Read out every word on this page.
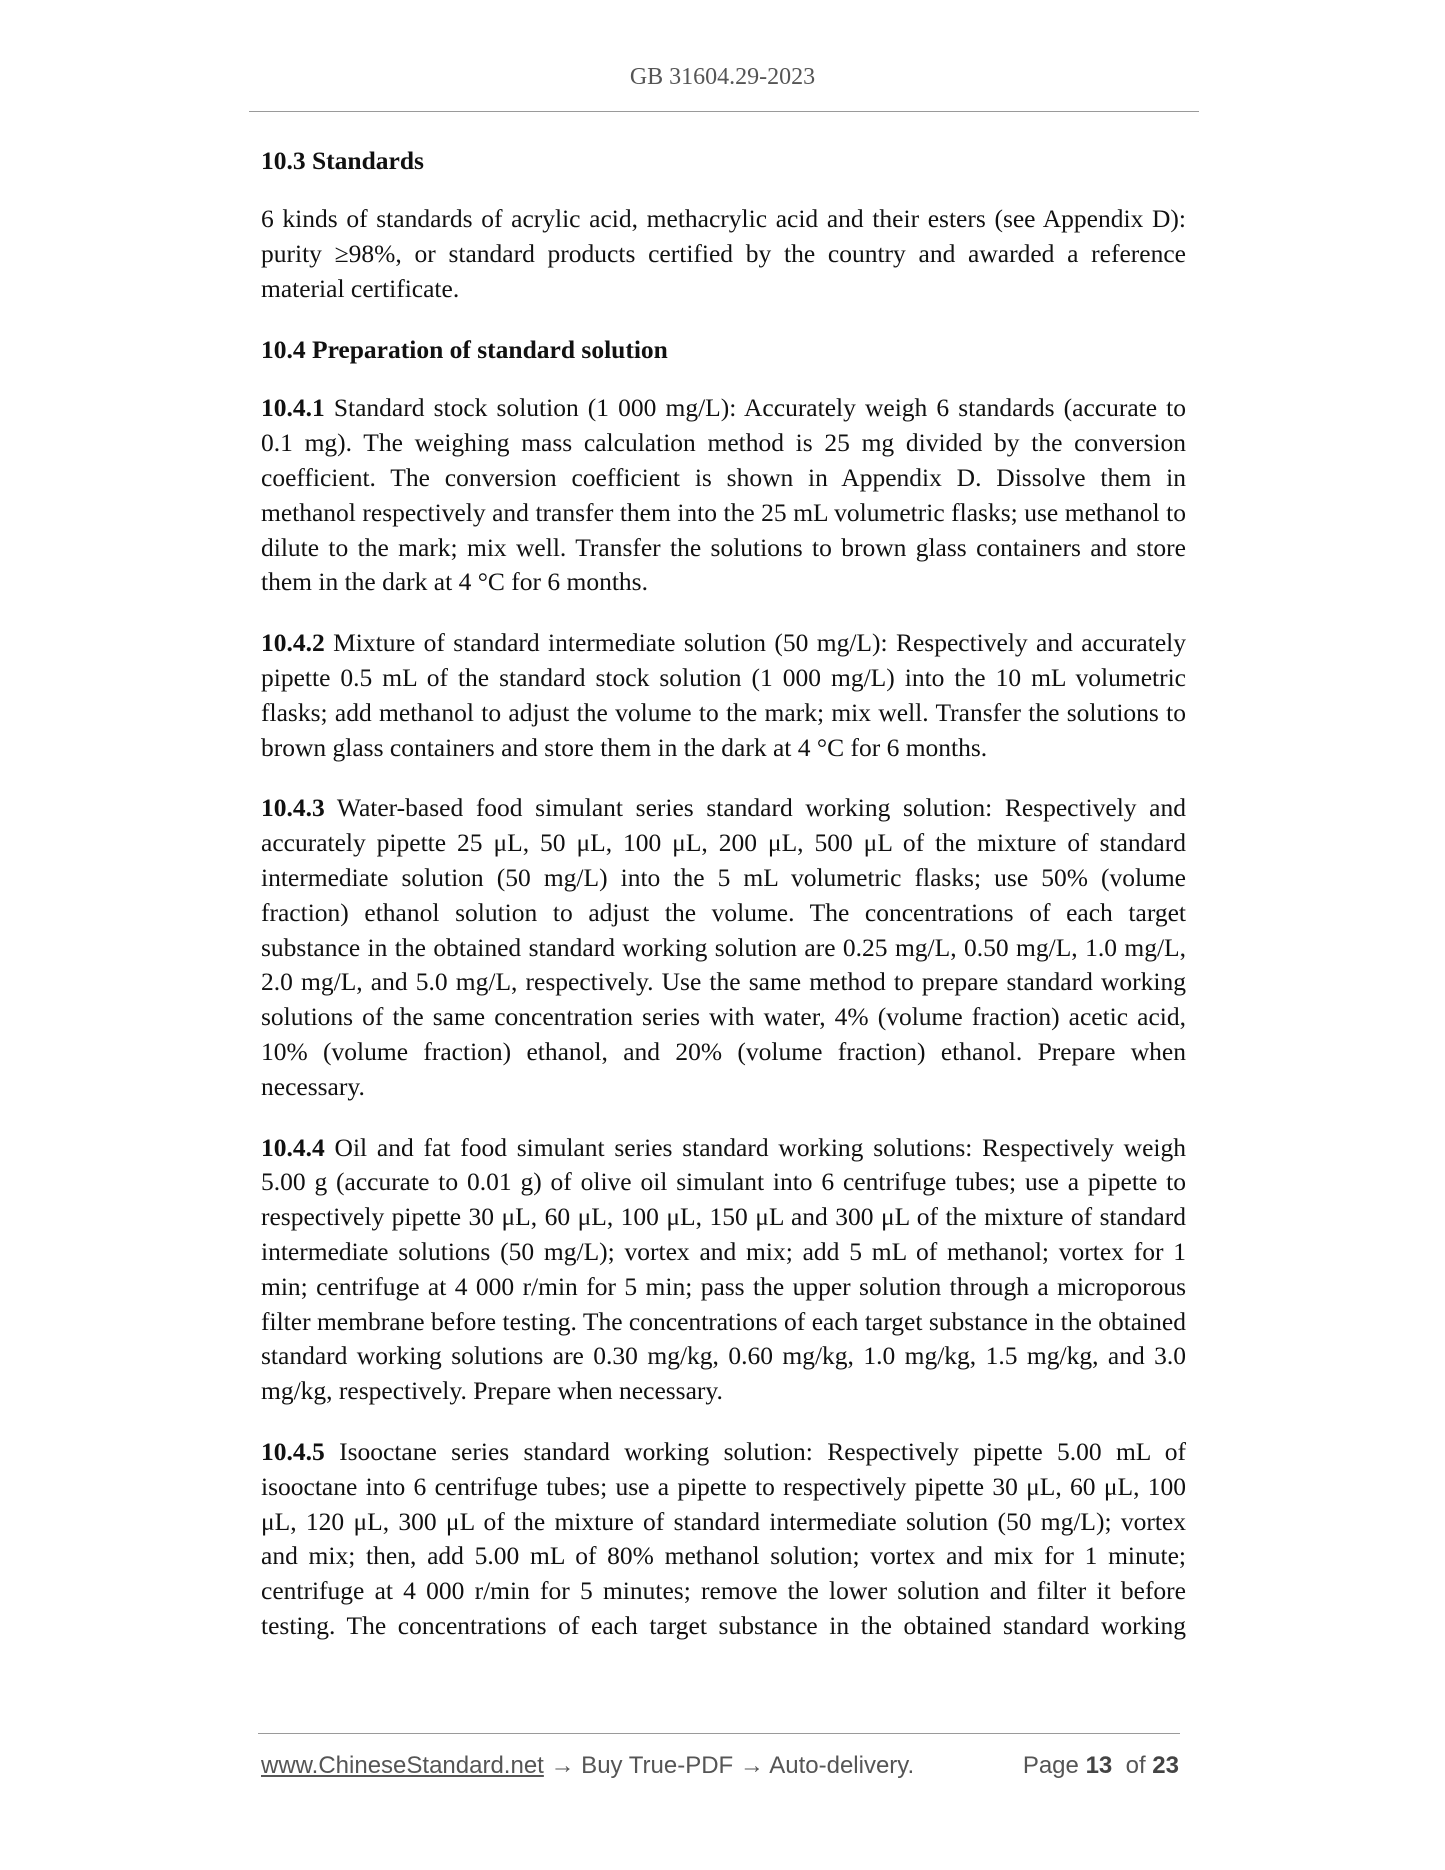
GB 31604.29-2023
10.3 Standards

6 kinds of standards of acrylic acid, methacrylic acid and their esters (see Appendix D): purity ≥98%, or standard products certified by the country and awarded a reference material certificate.

10.4 Preparation of standard solution

10.4.1 Standard stock solution (1 000 mg/L): Accurately weigh 6 standards (accurate to 0.1 mg). The weighing mass calculation method is 25 mg divided by the conversion coefficient. The conversion coefficient is shown in Appendix D. Dissolve them in methanol respectively and transfer them into the 25 mL volumetric flasks; use methanol to dilute to the mark; mix well. Transfer the solutions to brown glass containers and store them in the dark at 4 °C for 6 months.

10.4.2 Mixture of standard intermediate solution (50 mg/L): Respectively and accurately pipette 0.5 mL of the standard stock solution (1 000 mg/L) into the 10 mL volumetric flasks; add methanol to adjust the volume to the mark; mix well. Transfer the solutions to brown glass containers and store them in the dark at 4 °C for 6 months.

10.4.3 Water-based food simulant series standard working solution: Respectively and accurately pipette 25 μL, 50 μL, 100 μL, 200 μL, 500 μL of the mixture of standard intermediate solution (50 mg/L) into the 5 mL volumetric flasks; use 50% (volume fraction) ethanol solution to adjust the volume. The concentrations of each target substance in the obtained standard working solution are 0.25 mg/L, 0.50 mg/L, 1.0 mg/L, 2.0 mg/L, and 5.0 mg/L, respectively. Use the same method to prepare standard working solutions of the same concentration series with water, 4% (volume fraction) acetic acid, 10% (volume fraction) ethanol, and 20% (volume fraction) ethanol. Prepare when necessary.

10.4.4 Oil and fat food simulant series standard working solutions: Respectively weigh 5.00 g (accurate to 0.01 g) of olive oil simulant into 6 centrifuge tubes; use a pipette to respectively pipette 30 μL, 60 μL, 100 μL, 150 μL and 300 μL of the mixture of standard intermediate solutions (50 mg/L); vortex and mix; add 5 mL of methanol; vortex for 1 min; centrifuge at 4 000 r/min for 5 min; pass the upper solution through a microporous filter membrane before testing. The concentrations of each target substance in the obtained standard working solutions are 0.30 mg/kg, 0.60 mg/kg, 1.0 mg/kg, 1.5 mg/kg, and 3.0 mg/kg, respectively. Prepare when necessary.

10.4.5 Isooctane series standard working solution: Respectively pipette 5.00 mL of isooctane into 6 centrifuge tubes; use a pipette to respectively pipette 30 μL, 60 μL, 100 μL, 120 μL, 300 μL of the mixture of standard intermediate solution (50 mg/L); vortex and mix; then, add 5.00 mL of 80% methanol solution; vortex and mix for 1 minute; centrifuge at 4 000 r/min for 5 minutes; remove the lower solution and filter it before testing. The concentrations of each target substance in the obtained standard working

www.ChineseStandard.net → Buy True-PDF → Auto-delivery.	Page 13 of 23
